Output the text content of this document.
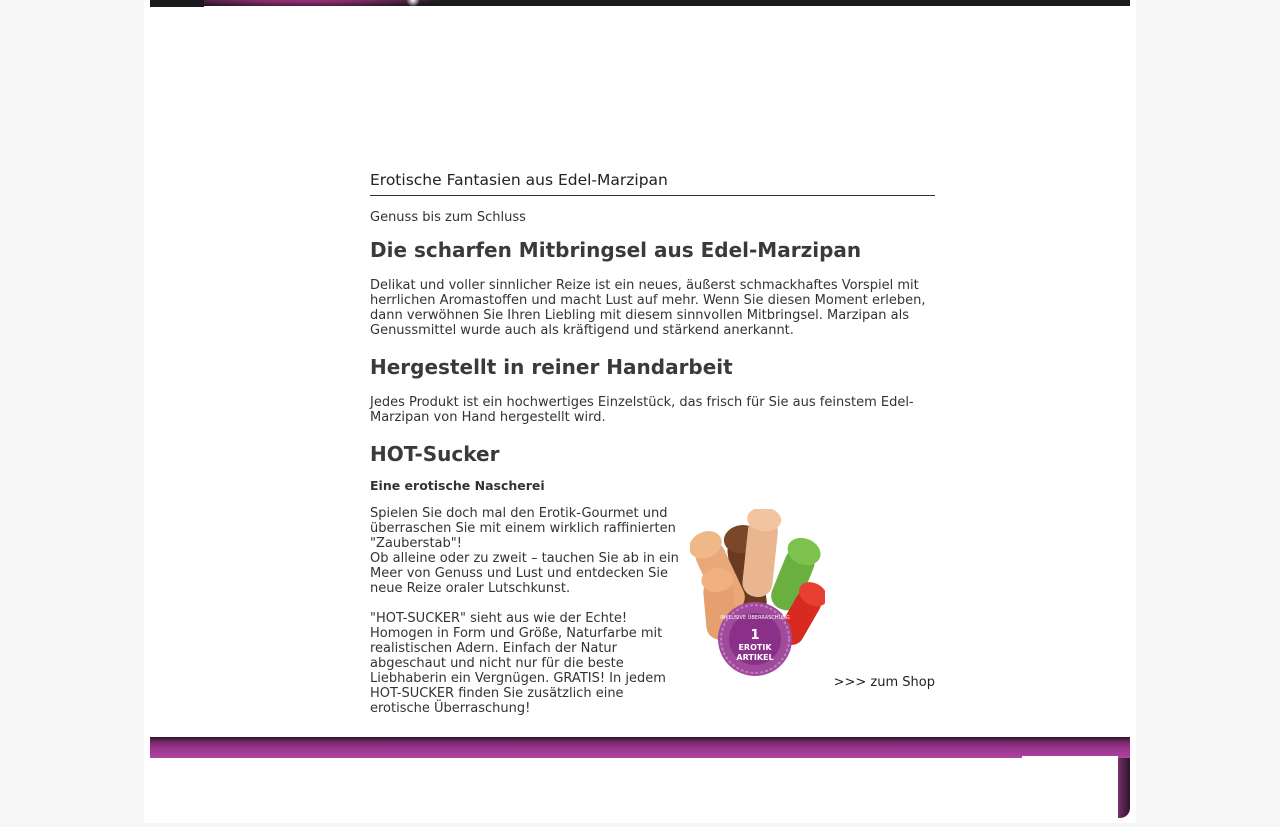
Erotische Fantasien aus Edel-Marzipan
Genuss bis zum Schluss
Die scharfen Mitbringsel aus Edel-Marzipan
Delikat und voller sinnlicher Reize ist ein neues, äußerst schmackhaftes Vorspiel mit herrlichen Aromastoffen und macht Lust auf mehr. Wenn Sie diesen Moment erleben, dann verwöhnen Sie Ihren Liebling mit diesem sinnvollen Mitbringsel. Marzipan als Genussmittel wurde auch als kräftigend und stärkend anerkannt.
Hergestellt in reiner Handarbeit
Jedes Produkt ist ein hochwertiges Einzelstück, das frisch für Sie aus feinstem Edel-Marzipan von Hand hergestellt wird.
HOT-Sucker
Eine erotische Nascherei

Spielen Sie doch mal den Erotik-Gourmet und überraschen Sie mit einem wirklich raffinierten "Zauberstab"!

Ob alleine oder zu zweit – tauchen Sie ab in ein Meer von Genuss und Lust und entdecken Sie neue Reize oraler Lutschkunst.

"HOT-SUCKER" sieht aus wie der Echte! Homogen in Form und Größe, Naturfarbe mit realistischen Adern. Einfach der Natur abgeschaut und nicht nur für die beste Liebhaberin ein Vergnügen. GRATIS! In jedem HOT-SUCKER finden Sie zusätzlich eine erotische Überraschung!

INKLUSIVE ÜBERRASCHUNG
1
EROTIK
ARTIKEL
>>> zum Shop
